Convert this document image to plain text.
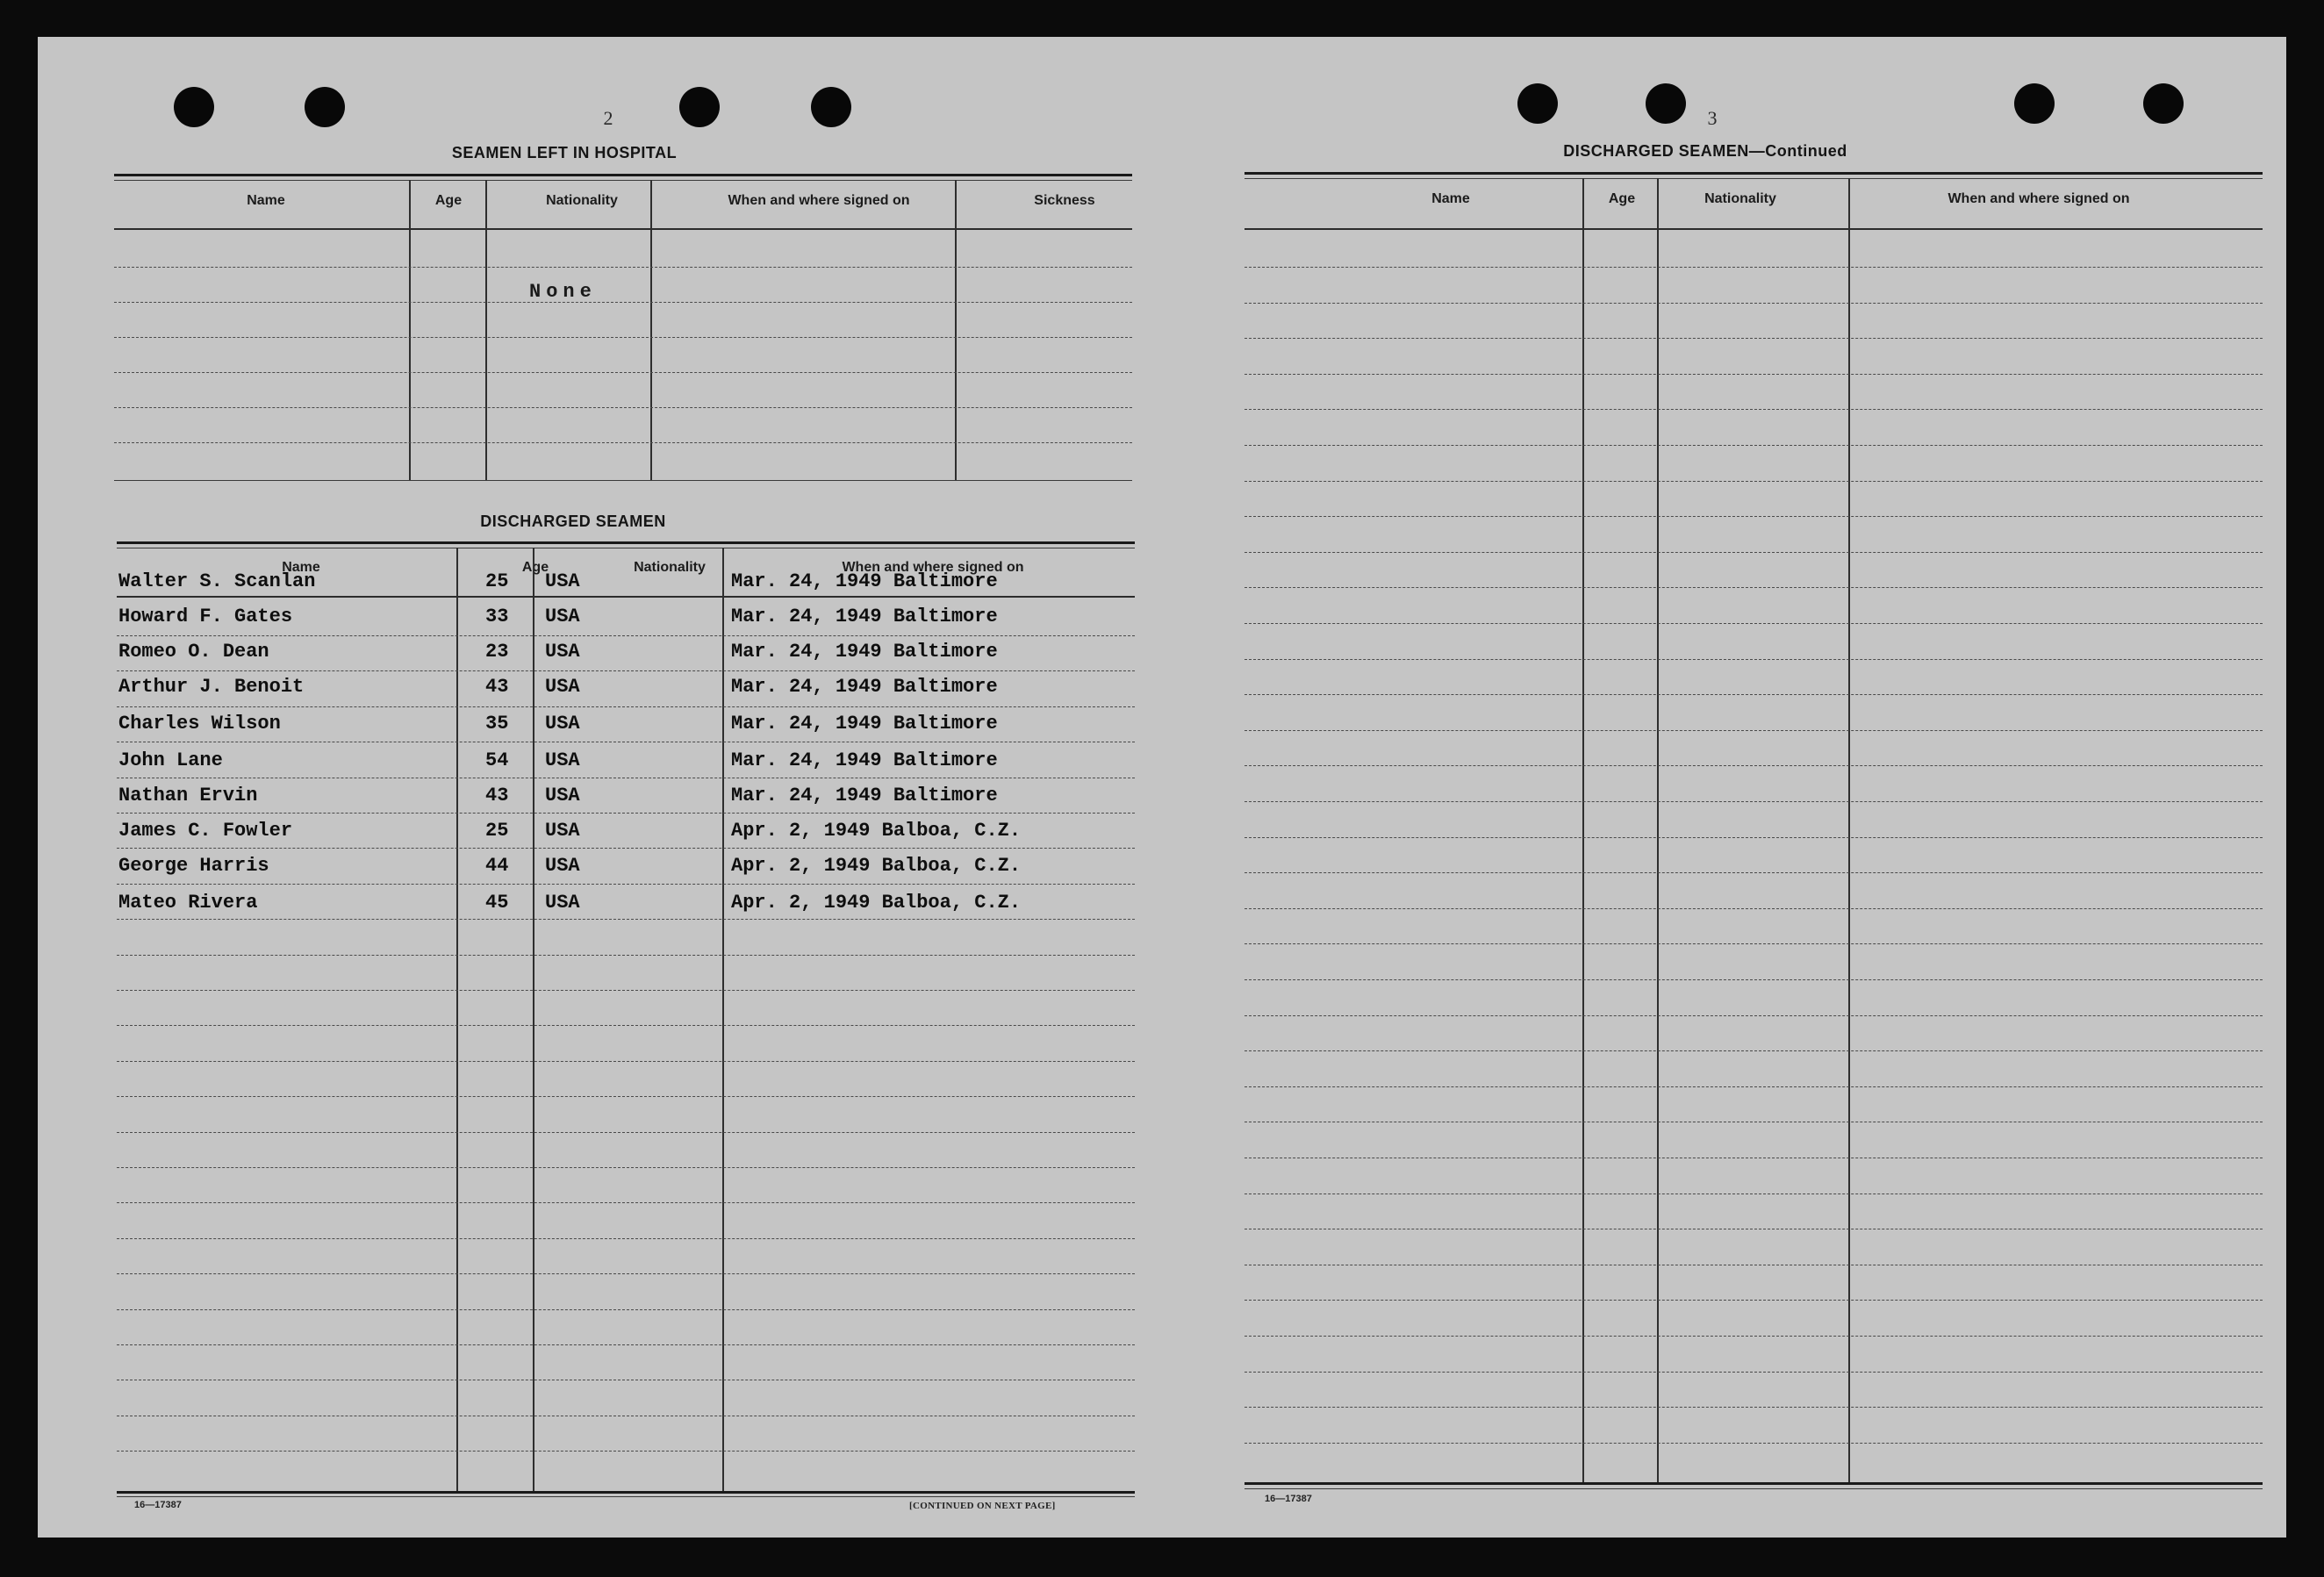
2
SEAMEN LEFT IN HOSPITAL
Name	Age	Nationality	When and where signed on	Sickness
None
DISCHARGED SEAMEN
Name	Age	Nationality	When and where signed on
Walter S. Scanlan	25 USA	Mar. 24, 1949 Baltimore
Howard F. Gates	33 USA	Mar. 24, 1949 Baltimore
Romeo O. Dean	23 USA	Mar. 24, 1949 Baltimore
Arthur J. Benoit	43 USA	Mar. 24, 1949 Baltimore
Charles Wilson	35 USA	Mar. 24, 1949 Baltimore
John Lane	54 USA	Mar. 24, 1949 Baltimore
Nathan Ervin	43 USA	Mar. 24, 1949 Baltimore
James C. Fowler	25 USA	Apr. 2, 1949 Balboa, C.Z.
George Harris	44 USA	Apr. 2, 1949 Balboa, C.Z.
Mateo Rivera	45 USA	Apr. 2, 1949 Balboa, C.Z.
16—17387	[CONTINUED ON NEXT PAGE]
3
DISCHARGED SEAMEN—Continued
Name	Age	Nationality	When and where signed on
16—17387
